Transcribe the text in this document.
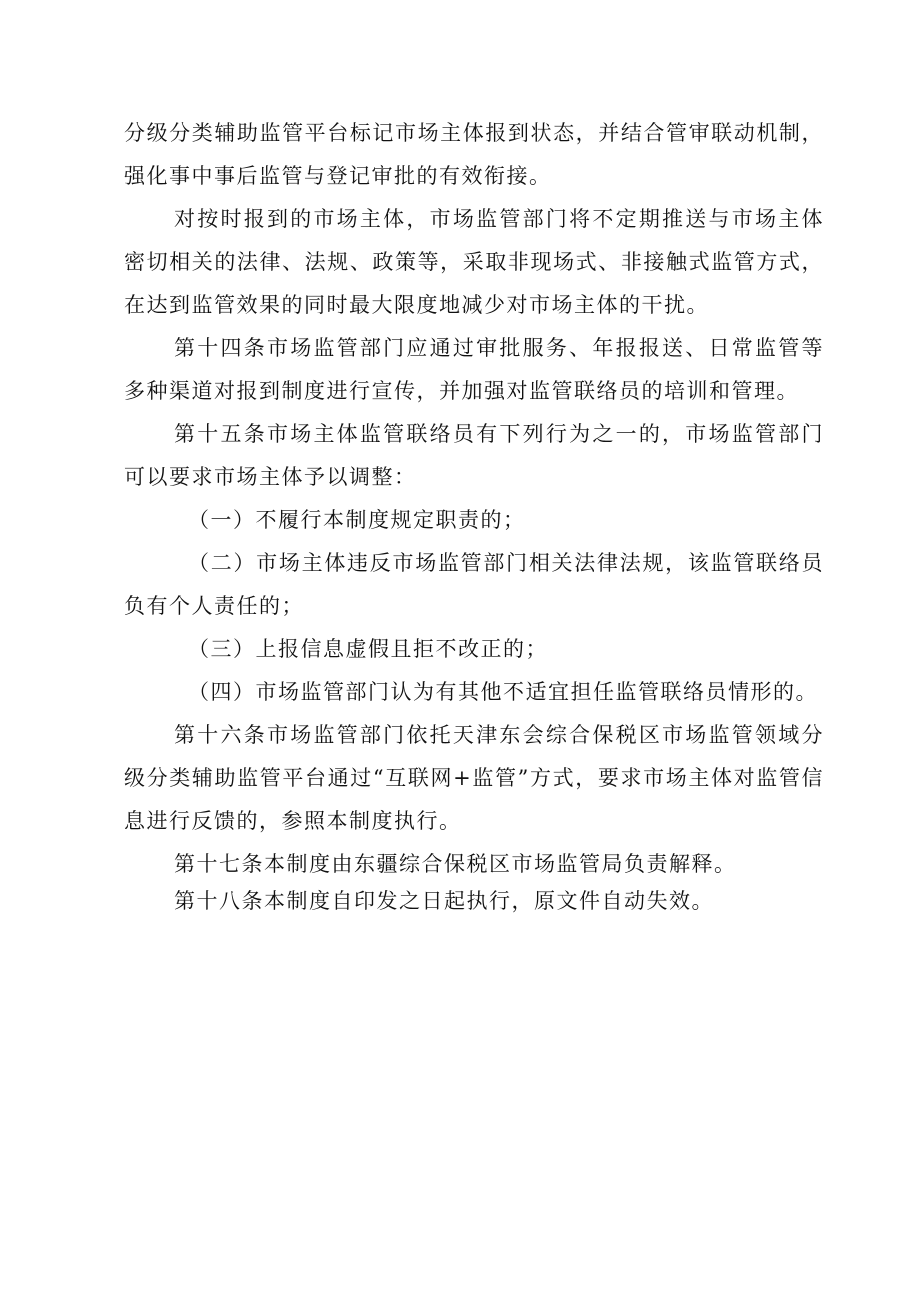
分级分类辅助监管平台标记市场主体报到状态，并结合管审联动机制，强化事中事后监管与登记审批的有效衔接。

对按时报到的市场主体，市场监管部门将不定期推送与市场主体密切相关的法律、法规、政策等，采取非现场式、非接触式监管方式，在达到监管效果的同时最大限度地减少对市场主体的干扰。

第十四条市场监管部门应通过审批服务、年报报送、日常监管等多种渠道对报到制度进行宣传，并加强对监管联络员的培训和管理。

第十五条市场主体监管联络员有下列行为之一的，市场监管部门可以要求市场主体予以调整：

（一）不履行本制度规定职责的；

（二）市场主体违反市场监管部门相关法律法规，该监管联络员负有个人责任的；

（三）上报信息虚假且拒不改正的；

（四）市场监管部门认为有其他不适宜担任监管联络员情形的。

第十六条市场监管部门依托天津东会综合保税区市场监管领域分级分类辅助监管平台通过“互联网+监管”方式，要求市场主体对监管信息进行反馈的，参照本制度执行。

第十七条本制度由东疆综合保税区市场监管局负责解释。

第十八条本制度自印发之日起执行，原文件自动失效。
